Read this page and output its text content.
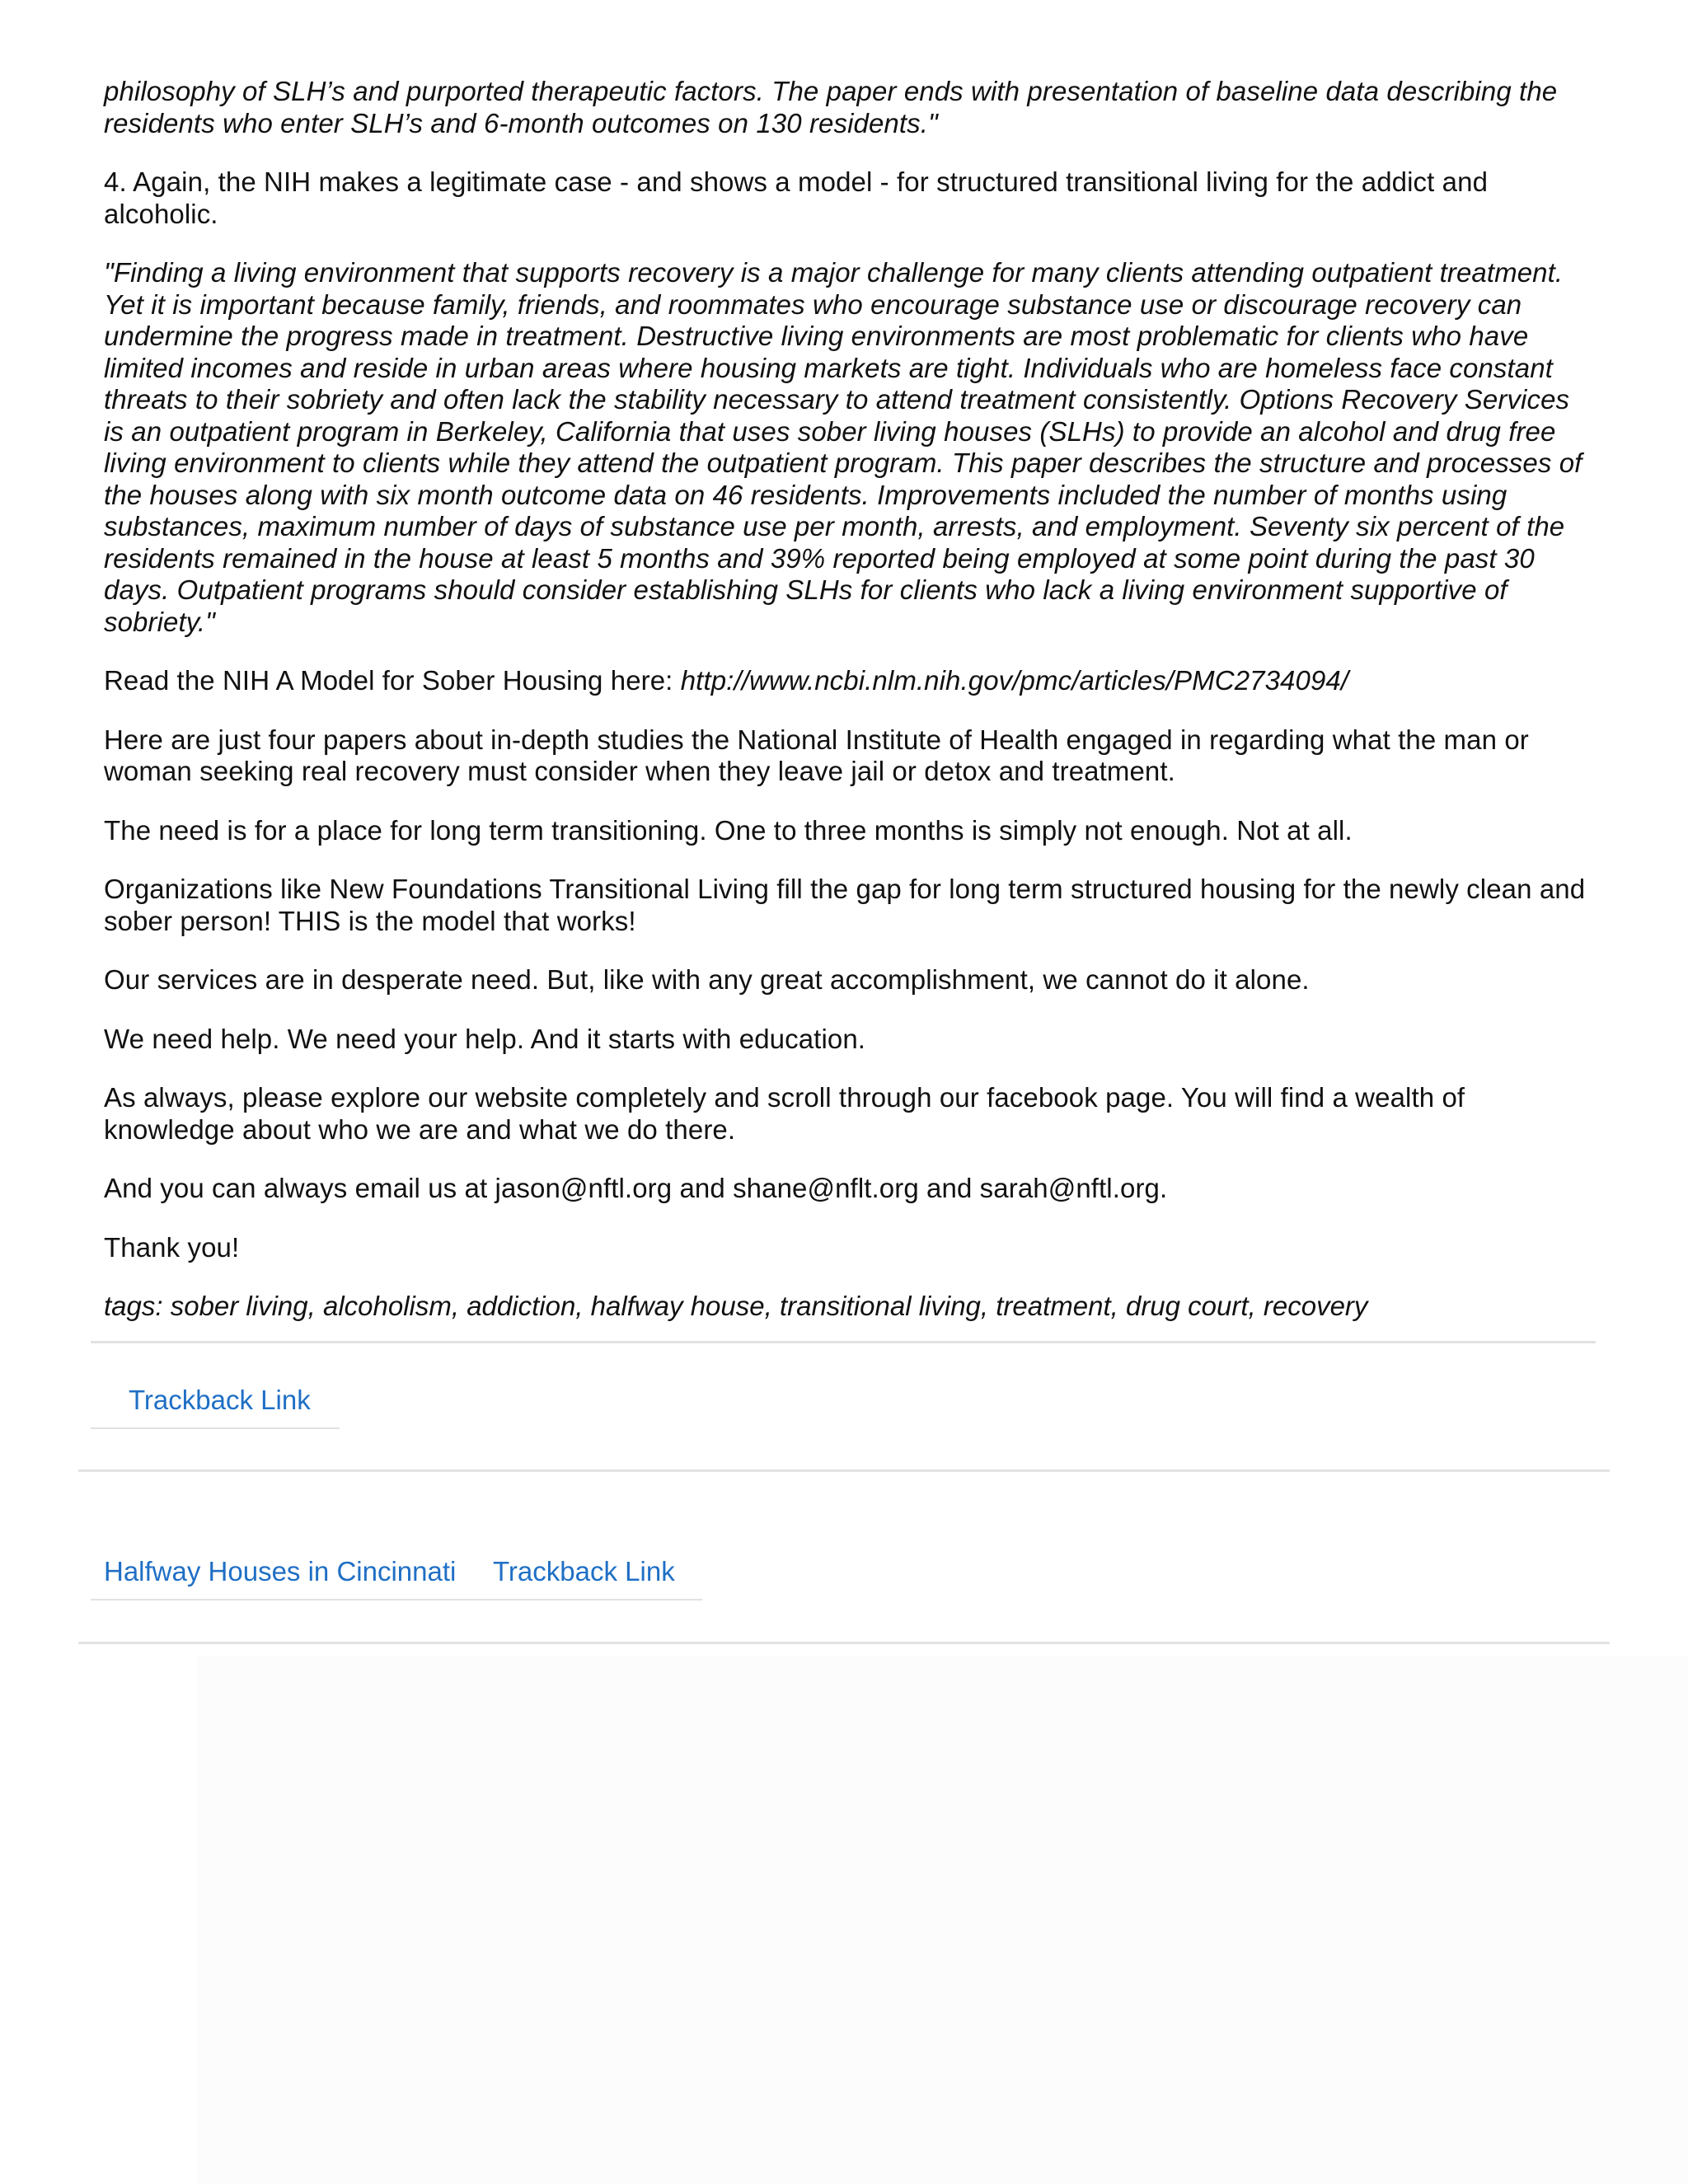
philosophy of SLH’s and purported therapeutic factors. The paper ends with presentation of baseline data describing the residents who enter SLH’s and 6-month outcomes on 130 residents."

4. Again, the NIH makes a legitimate case - and shows a model - for structured transitional living for the addict and alcoholic.

"Finding a living environment that supports recovery is a major challenge for many clients attending outpatient treatment. Yet it is important because family, friends, and roommates who encourage substance use or discourage recovery can undermine the progress made in treatment. Destructive living environments are most problematic for clients who have limited incomes and reside in urban areas where housing markets are tight. Individuals who are homeless face constant threats to their sobriety and often lack the stability necessary to attend treatment consistently. Options Recovery Services is an outpatient program in Berkeley, California that uses sober living houses (SLHs) to provide an alcohol and drug free living environment to clients while they attend the outpatient program. This paper describes the structure and processes of the houses along with six month outcome data on 46 residents. Improvements included the number of months using substances, maximum number of days of substance use per month, arrests, and employment. Seventy six percent of the residents remained in the house at least 5 months and 39% reported being employed at some point during the past 30 days. Outpatient programs should consider establishing SLHs for clients who lack a living environment supportive of sobriety."

Read the NIH A Model for Sober Housing here: http://www.ncbi.nlm.nih.gov/pmc/articles/PMC2734094/

Here are just four papers about in-depth studies the National Institute of Health engaged in regarding what the man or woman seeking real recovery must consider when they leave jail or detox and treatment.

The need is for a place for long term transitioning. One to three months is simply not enough. Not at all.

Organizations like New Foundations Transitional Living fill the gap for long term structured housing for the newly clean and sober person! THIS is the model that works!

Our services are in desperate need. But, like with any great accomplishment, we cannot do it alone.

We need help. We need your help. And it starts with education.

As always, please explore our website completely and scroll through our facebook page. You will find a wealth of knowledge about who we are and what we do there.

And you can always email us at jason@nftl.org and shane@nflt.org and sarah@nftl.org.

Thank you!

tags: sober living, alcoholism, addiction, halfway house, transitional living, treatment, drug court, recovery

Trackback Link
Halfway Houses in Cincinnati Trackback Link
